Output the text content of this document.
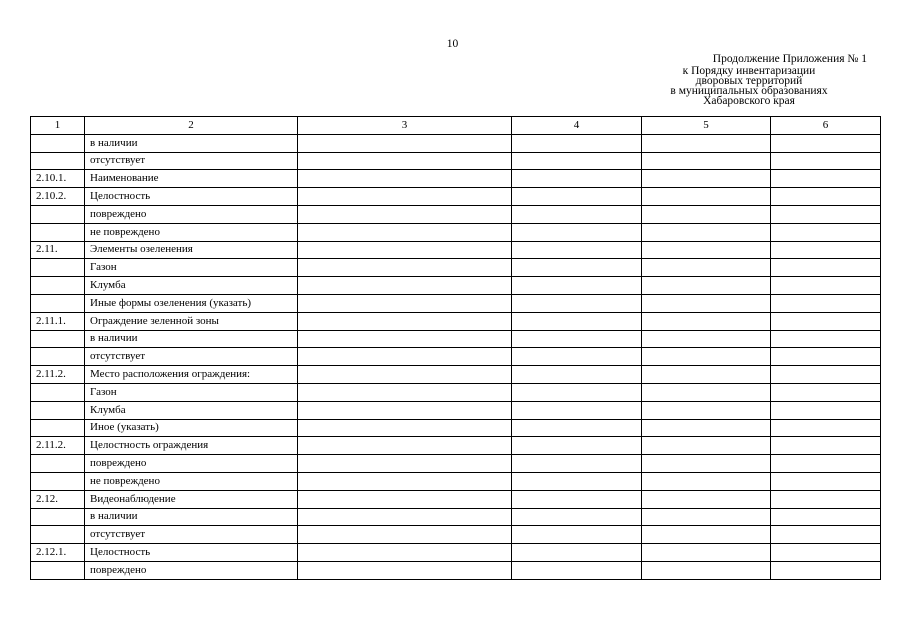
10
Продолжение Приложения № 1
к Порядку инвентаризации
дворовых территорий
в муниципальных образованиях
Хабаровского края
1	2	3	4	5	6
	в наличии				
	отсутствует				
2.10.1.	Наименование				
2.10.2.	Целостность				
	повреждено				
	не повреждено				
2.11.	Элементы озеленения				
	Газон				
	Клумба				
	Иные формы озеленения (указать)				
2.11.1.	Ограждение зеленной зоны				
	в наличии				
	отсутствует				
2.11.2.	Место расположения ограждения:				
	Газон				
	Клумба				
	Иное (указать)				
2.11.2.	Целостность ограждения				
	повреждено				
	не повреждено				
2.12.	Видеонаблюдение				
	в наличии				
	отсутствует				
2.12.1.	Целостность				
	повреждено				
